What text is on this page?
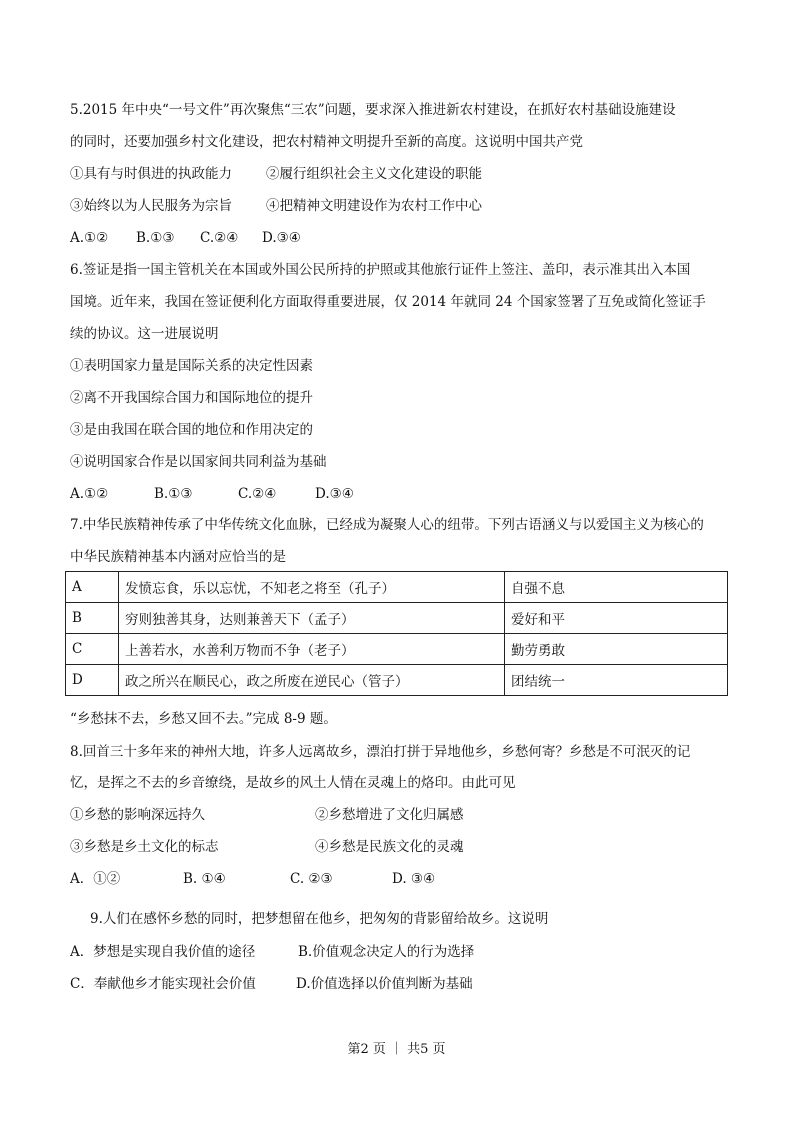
5.2015 年中央“一号文件”再次聚焦“三农”问题，要求深入推进新农村建设，在抓好农村基础设施建设
的同时，还要加强乡村文化建设，把农村精神文明提升至新的高度。这说明中国共产党
①具有与时俱进的执政能力	②履行组织社会主义文化建设的职能
③始终以为人民服务为宗旨	④把精神文明建设作为农村工作中心
A.①② B.①③ C.②④ D.③④
6.签证是指一国主管机关在本国或外国公民所持的护照或其他旅行证件上签注、盖印，表示准其出入本国
国境。近年来，我国在签证便利化方面取得重要进展，仅 2014 年就同 24 个国家签署了互免或简化签证手
续的协议。这一进展说明
①表明国家力量是国际关系的决定性因素
②离不开我国综合国力和国际地位的提升
③是由我国在联合国的地位和作用决定的
④说明国家合作是以国家间共同利益为基础
A.①②	B.①③	C.②④	D.③④
7.中华民族精神传承了中华传统文化血脉，已经成为凝聚人心的纽带。下列古语涵义与以爱国主义为核心的
中华民族精神基本内涵对应恰当的是
A	发愤忘食，乐以忘忧，不知老之将至（孔子）	自强不息
B	穷则独善其身，达则兼善天下（孟子）	爱好和平
C	上善若水，水善利万物而不争（老子）	勤劳勇敢
D	政之所兴在顺民心，政之所废在逆民心（管子）	团结统一
“乡愁抹不去，乡愁又回不去。”完成 8-9 题。
8.回首三十多年来的神州大地，许多人远离故乡，漂泊打拼于异地他乡，乡愁何寄？乡愁是不可泯灭的记
忆，是挥之不去的乡音缭绕，是故乡的风土人情在灵魂上的烙印。由此可见
①乡愁的影响深远持久	②乡愁增进了文化归属感
③乡愁是乡土文化的标志	④乡愁是民族文化的灵魂
A．①②	B. ①④	C. ②③	D. ③④
9.人们在感怀乡愁的同时，把梦想留在他乡，把匆匆的背影留给故乡。这说明
A．梦想是实现自我价值的途径	B.价值观念决定人的行为选择
C．奉献他乡才能实现社会价值	D.价值选择以价值判断为基础
第2 页 ｜ 共5 页
